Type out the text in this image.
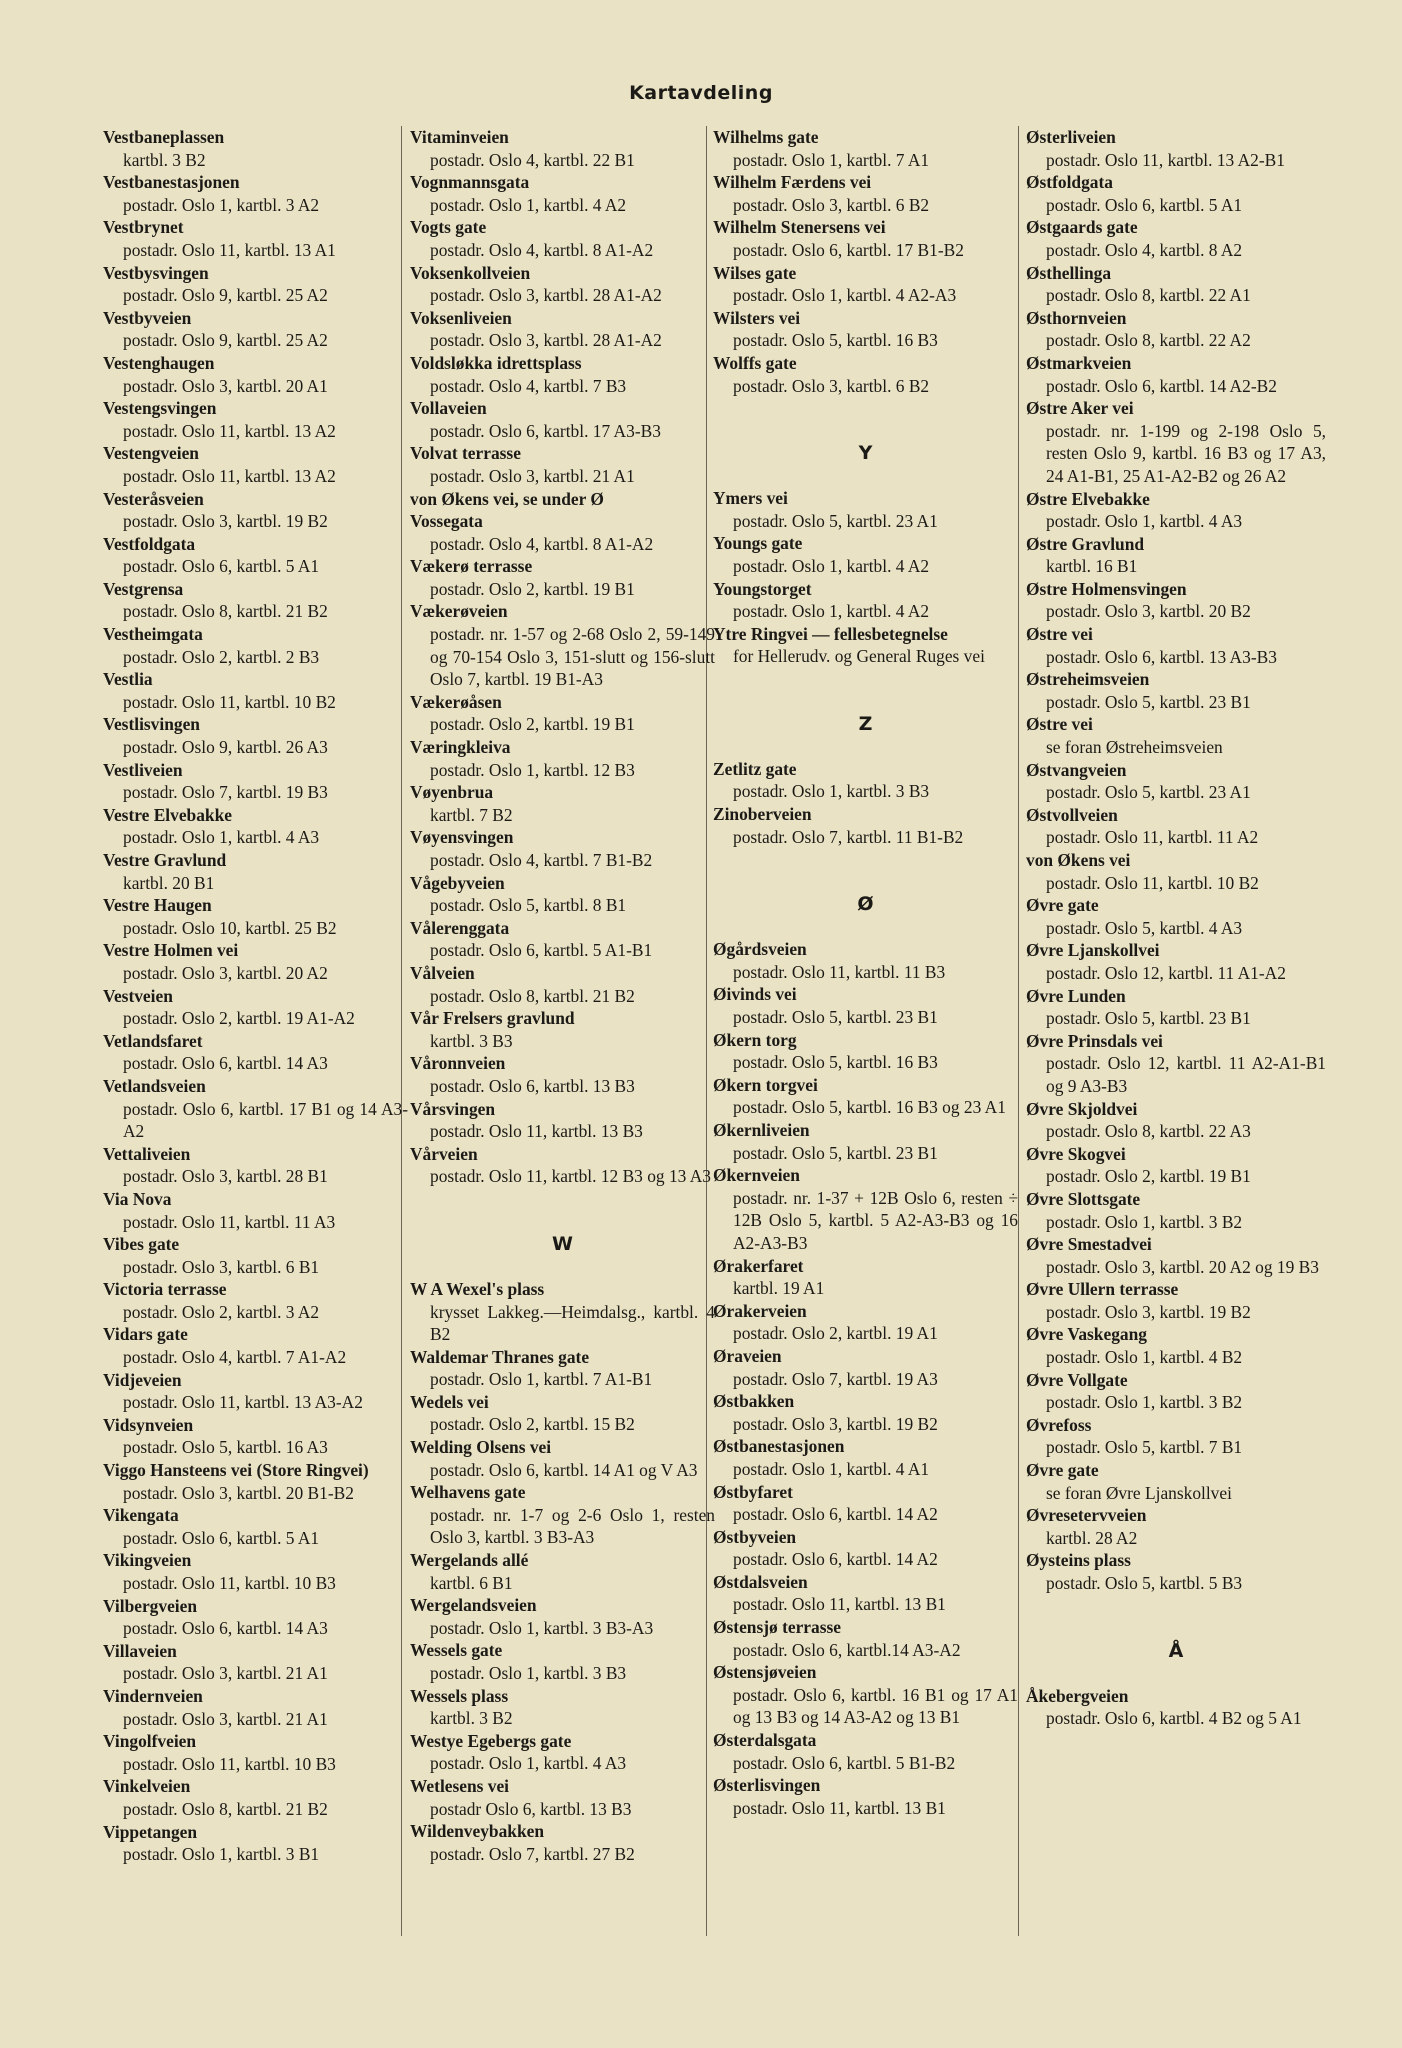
Kartavdeling
Vestbaneplassen
kartbl. 3 B2
Vestbanestasjonen
postadr. Oslo 1, kartbl. 3 A2
Vestbrynet
postadr. Oslo 11, kartbl. 13 A1
Vestbysvingen
postadr. Oslo 9, kartbl. 25 A2
Vestbyveien
postadr. Oslo 9, kartbl. 25 A2
Vestenghaugen
postadr. Oslo 3, kartbl. 20 A1
Vestengsvingen
postadr. Oslo 11, kartbl. 13 A2
Vestengveien
postadr. Oslo 11, kartbl. 13 A2
Vesteråsveien
postadr. Oslo 3, kartbl. 19 B2
Vestfoldgata
postadr. Oslo 6, kartbl. 5 A1
Vestgrensa
postadr. Oslo 8, kartbl. 21 B2
Vestheimgata
postadr. Oslo 2, kartbl. 2 B3
Vestlia
postadr. Oslo 11, kartbl. 10 B2
Vestlisvingen
postadr. Oslo 9, kartbl. 26 A3
Vestliveien
postadr. Oslo 7, kartbl. 19 B3
Vestre Elvebakke
postadr. Oslo 1, kartbl. 4 A3
Vestre Gravlund
kartbl. 20 B1
Vestre Haugen
postadr. Oslo 10, kartbl. 25 B2
Vestre Holmen vei
postadr. Oslo 3, kartbl. 20 A2
Vestveien
postadr. Oslo 2, kartbl. 19 A1-A2
Vetlandsfaret
postadr. Oslo 6, kartbl. 14 A3
Vetlandsveien
postadr. Oslo 6, kartbl. 17 B1 og 14 A3-A2
Vettaliveien
postadr. Oslo 3, kartbl. 28 B1
Via Nova
postadr. Oslo 11, kartbl. 11 A3
Vibes gate
postadr. Oslo 3, kartbl. 6 B1
Victoria terrasse
postadr. Oslo 2, kartbl. 3 A2
Vidars gate
postadr. Oslo 4, kartbl. 7 A1-A2
Vidjeveien
postadr. Oslo 11, kartbl. 13 A3-A2
Vidsynveien
postadr. Oslo 5, kartbl. 16 A3
Viggo Hansteens vei (Store Ringvei)
postadr. Oslo 3, kartbl. 20 B1-B2
Vikengata
postadr. Oslo 6, kartbl. 5 A1
Vikingveien
postadr. Oslo 11, kartbl. 10 B3
Vilbergveien
postadr. Oslo 6, kartbl. 14 A3
Villaveien
postadr. Oslo 3, kartbl. 21 A1
Vindernveien
postadr. Oslo 3, kartbl. 21 A1
Vingolfveien
postadr. Oslo 11, kartbl. 10 B3
Vinkelveien
postadr. Oslo 8, kartbl. 21 B2
Vippetangen
postadr. Oslo 1, kartbl. 3 B1
Vitaminveien
postadr. Oslo 4, kartbl. 22 B1
Vognmannsgata
postadr. Oslo 1, kartbl. 4 A2
Vogts gate
postadr. Oslo 4, kartbl. 8 A1-A2
Voksenkollveien
postadr. Oslo 3, kartbl. 28 A1-A2
Voksenliveien
postadr. Oslo 3, kartbl. 28 A1-A2
Voldsløkka idrettsplass
postadr. Oslo 4, kartbl. 7 B3
Vollaveien
postadr. Oslo 6, kartbl. 17 A3-B3
Volvat terrasse
postadr. Oslo 3, kartbl. 21 A1
von Økens vei, se under Ø
Vossegata
postadr. Oslo 4, kartbl. 8 A1-A2
Vækerø terrasse
postadr. Oslo 2, kartbl. 19 B1
Vækerøveien
postadr. nr. 1-57 og 2-68 Oslo 2, 59-149 og 70-154 Oslo 3, 151-slutt og 156-slutt Oslo 7, kartbl. 19 B1-A3
Vækerøåsen
postadr. Oslo 2, kartbl. 19 B1
Væringkleiva
postadr. Oslo 1, kartbl. 12 B3
Vøyenbrua
kartbl. 7 B2
Vøyensvingen
postadr. Oslo 4, kartbl. 7 B1-B2
Vågebyveien
postadr. Oslo 5, kartbl. 8 B1
Vålerenggata
postadr. Oslo 6, kartbl. 5 A1-B1
Vålveien
postadr. Oslo 8, kartbl. 21 B2
Vår Frelsers gravlund
kartbl. 3 B3
Våronnveien
postadr. Oslo 6, kartbl. 13 B3
Vårsvingen
postadr. Oslo 11, kartbl. 13 B3
Vårveien
postadr. Oslo 11, kartbl. 12 B3 og 13 A3
W
W A Wexel's plass
krysset Lakkeg.—Heimdalsg., kartbl. 4 B2
Waldemar Thranes gate
postadr. Oslo 1, kartbl. 7 A1-B1
Wedels vei
postadr. Oslo 2, kartbl. 15 B2
Welding Olsens vei
postadr. Oslo 6, kartbl. 14 A1 og V A3
Welhavens gate
postadr. nr. 1-7 og 2-6 Oslo 1, resten Oslo 3, kartbl. 3 B3-A3
Wergelands allé
kartbl. 6 B1
Wergelandsveien
postadr. Oslo 1, kartbl. 3 B3-A3
Wessels gate
postadr. Oslo 1, kartbl. 3 B3
Wessels plass
kartbl. 3 B2
Westye Egebergs gate
postadr. Oslo 1, kartbl. 4 A3
Wetlesens vei
postadr Oslo 6, kartbl. 13 B3
Wildenveybakken
postadr. Oslo 7, kartbl. 27 B2
Wilhelms gate
postadr. Oslo 1, kartbl. 7 A1
Wilhelm Færdens vei
postadr. Oslo 3, kartbl. 6 B2
Wilhelm Stenersens vei
postadr. Oslo 6, kartbl. 17 B1-B2
Wilses gate
postadr. Oslo 1, kartbl. 4 A2-A3
Wilsters vei
postadr. Oslo 5, kartbl. 16 B3
Wolffs gate
postadr. Oslo 3, kartbl. 6 B2
Y
Ymers vei
postadr. Oslo 5, kartbl. 23 A1
Youngs gate
postadr. Oslo 1, kartbl. 4 A2
Youngstorget
postadr. Oslo 1, kartbl. 4 A2
Ytre Ringvei — fellesbetegnelse
for Hellerudv. og General Ruges vei
Z
Zetlitz gate
postadr. Oslo 1, kartbl. 3 B3
Zinoberveien
postadr. Oslo 7, kartbl. 11 B1-B2
Ø
Øgårdsveien
postadr. Oslo 11, kartbl. 11 B3
Øivinds vei
postadr. Oslo 5, kartbl. 23 B1
Økern torg
postadr. Oslo 5, kartbl. 16 B3
Økern torgvei
postadr. Oslo 5, kartbl. 16 B3 og 23 A1
Økernliveien
postadr. Oslo 5, kartbl. 23 B1
Økernveien
postadr. nr. 1-37 + 12B Oslo 6, resten ÷ 12B Oslo 5, kartbl. 5 A2-A3-B3 og 16 A2-A3-B3
Ørakerfaret
kartbl. 19 A1
Ørakerveien
postadr. Oslo 2, kartbl. 19 A1
Øraveien
postadr. Oslo 7, kartbl. 19 A3
Østbakken
postadr. Oslo 3, kartbl. 19 B2
Østbanestasjonen
postadr. Oslo 1, kartbl. 4 A1
Østbyfaret
postadr. Oslo 6, kartbl. 14 A2
Østbyveien
postadr. Oslo 6, kartbl. 14 A2
Østdalsveien
postadr. Oslo 11, kartbl. 13 B1
Østensjø terrasse
postadr. Oslo 6, kartbl.14 A3-A2
Østensjøveien
postadr. Oslo 6, kartbl. 16 B1 og 17 A1 og 13 B3 og 14 A3-A2 og 13 B1
Østerdalsgata
postadr. Oslo 6, kartbl. 5 B1-B2
Østerlisvingen
postadr. Oslo 11, kartbl. 13 B1
Østerliveien
postadr. Oslo 11, kartbl. 13 A2-B1
Østfoldgata
postadr. Oslo 6, kartbl. 5 A1
Østgaards gate
postadr. Oslo 4, kartbl. 8 A2
Østhellinga
postadr. Oslo 8, kartbl. 22 A1
Østhornveien
postadr. Oslo 8, kartbl. 22 A2
Østmarkveien
postadr. Oslo 6, kartbl. 14 A2-B2
Østre Aker vei
postadr. nr. 1-199 og 2-198 Oslo 5, resten Oslo 9, kartbl. 16 B3 og 17 A3, 24 A1-B1, 25 A1-A2-B2 og 26 A2
Østre Elvebakke
postadr. Oslo 1, kartbl. 4 A3
Østre Gravlund
kartbl. 16 B1
Østre Holmensvingen
postadr. Oslo 3, kartbl. 20 B2
Østre vei
postadr. Oslo 6, kartbl. 13 A3-B3
Østreheimsveien
postadr. Oslo 5, kartbl. 23 B1
Østre vei
se foran Østreheimsveien
Østvangveien
postadr. Oslo 5, kartbl. 23 A1
Østvollveien
postadr. Oslo 11, kartbl. 11 A2
von Økens vei
postadr. Oslo 11, kartbl. 10 B2
Øvre gate
postadr. Oslo 5, kartbl. 4 A3
Øvre Ljanskollvei
postadr. Oslo 12, kartbl. 11 A1-A2
Øvre Lunden
postadr. Oslo 5, kartbl. 23 B1
Øvre Prinsdals vei
postadr. Oslo 12, kartbl. 11 A2-A1-B1 og 9 A3-B3
Øvre Skjoldvei
postadr. Oslo 8, kartbl. 22 A3
Øvre Skogvei
postadr. Oslo 2, kartbl. 19 B1
Øvre Slottsgate
postadr. Oslo 1, kartbl. 3 B2
Øvre Smestadvei
postadr. Oslo 3, kartbl. 20 A2 og 19 B3
Øvre Ullern terrasse
postadr. Oslo 3, kartbl. 19 B2
Øvre Vaskegang
postadr. Oslo 1, kartbl. 4 B2
Øvre Vollgate
postadr. Oslo 1, kartbl. 3 B2
Øvrefoss
postadr. Oslo 5, kartbl. 7 B1
Øvre gate
se foran Øvre Ljanskollvei
Øvresetervveien
kartbl. 28 A2
Øysteins plass
postadr. Oslo 5, kartbl. 5 B3
Å
Åkebergveien
postadr. Oslo 6, kartbl. 4 B2 og 5 A1
